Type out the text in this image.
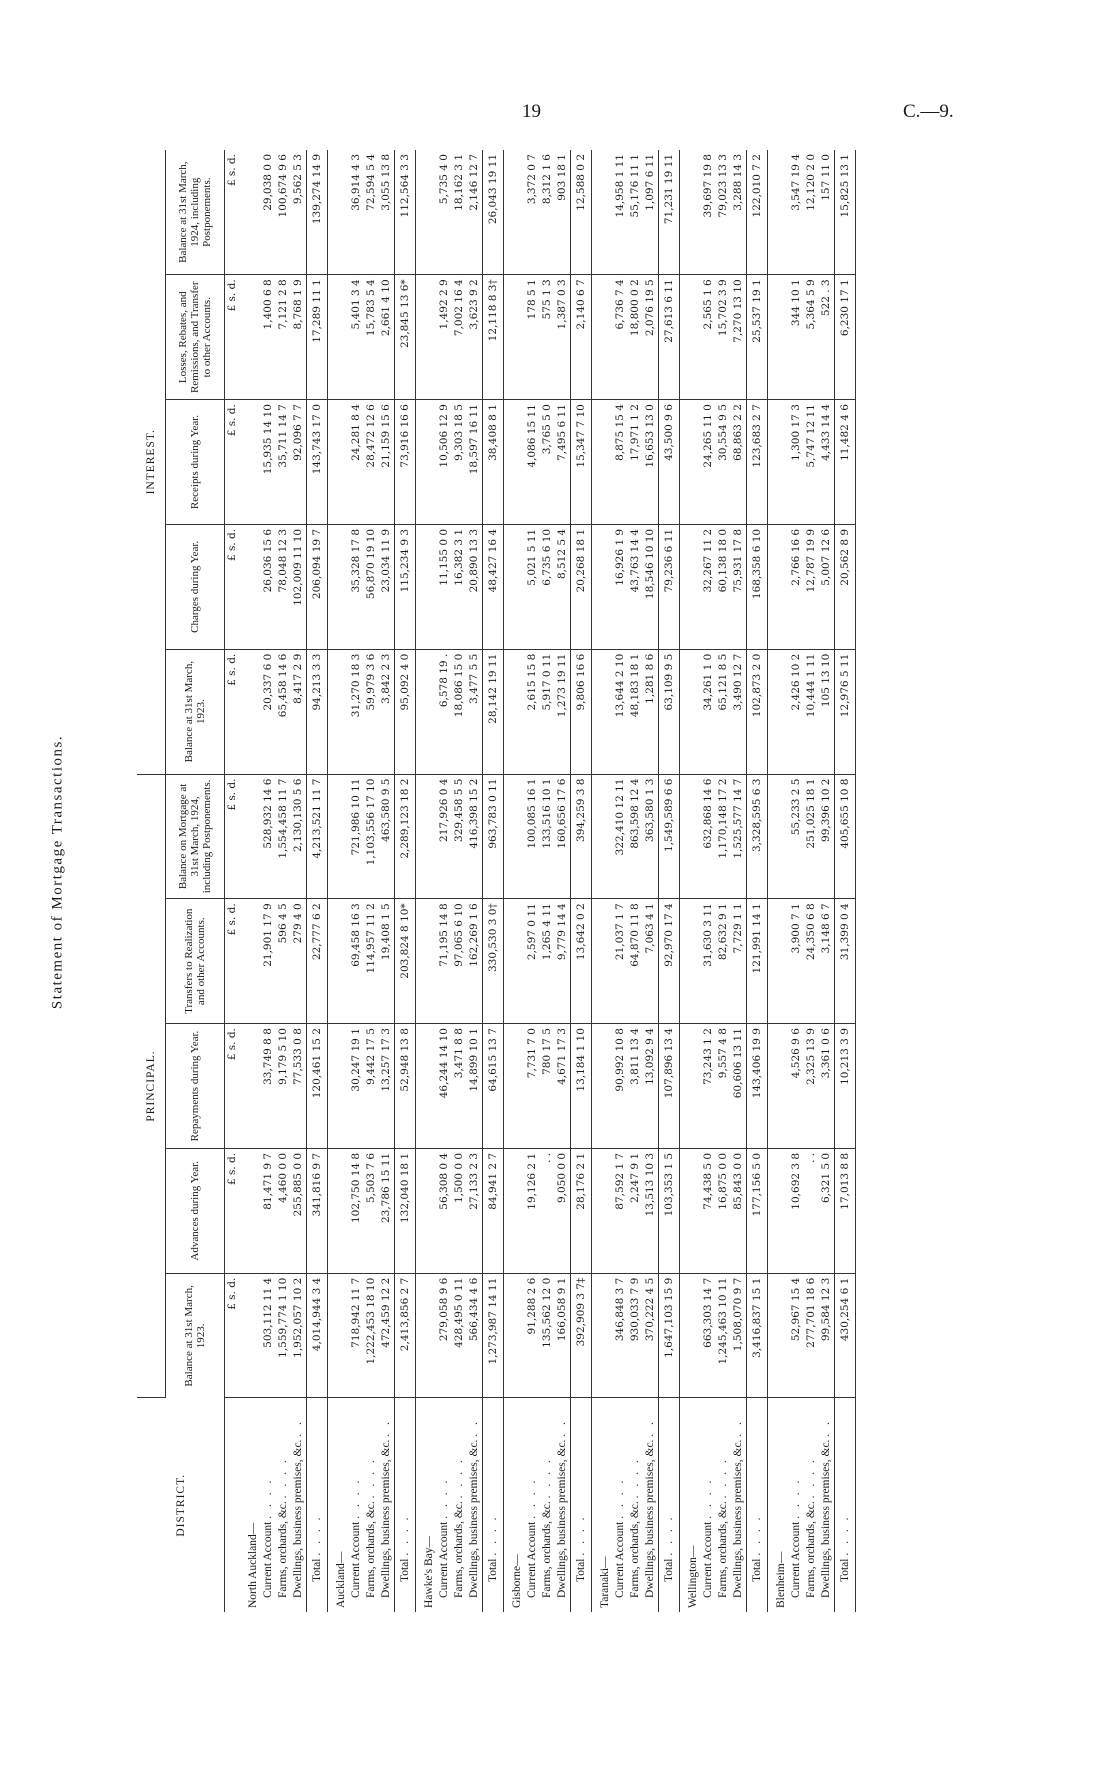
19	C.—9.
Statement of Mortgage Transactions.
DISTRICT.	PRINCIPAL.					INTEREST.				
	Balance at 31st March, 1923.	Advances during Year.	Repayments during Year.	Transfers to Realization and other Accounts.	Balance on Mortgage at 31st March, 1924, including Postponements.	Balance at 31st March, 1923.	Charges during Year.	Receipts during Year.	Losses, Rebates, and Remissions, and Transfer to other Accounts.	Balance at 31st March, 1924, including Postponements.
	£ s. d.	£ s. d.	£ s. d.	£ s. d.	£ s. d.	£ s. d.	£ s. d.	£ s. d.	£ s. d.	£ s. d.
North Auckland—										
Current Account . . . .	503,112 11 4	81,471 9 7	33,749 8 8	21,901 17 9	528,932 14 6	20,337 6 0	26,036 15 6	15,935 14 10	1,400 6 8	29,038 0 0
Farms, orchards, &c. . . . .	1,559,774 1 10	4,460 0 0	9,179 5 10	596 4 5	1,554,458 11 7	65,458 14 6	78,048 12 3	35,711 14 7	7,121 2 8	100,674 9 6
Dwellings, business premises, &c. . .	1,952,057 10 2	255,885 0 0	77,533 0 8	279 4 0	2,130,130 5 6	8,417 2 9	102,009 11 10	92,096 7 7	8,768 1 9	9,562 5 3
Total . . . .	4,014,944 3 4	341,816 9 7	120,461 15 2	22,777 6 2	4,213,521 11 7	94,213 3 3	206,094 19 7	143,743 17 0	17,289 11 1	139,274 14 9
Auckland—										
Current Account . . . .	718,942 11 7	102,750 14 8	30,247 19 1	69,458 16 3	721,986 10 11	31,270 18 3	35,328 17 8	24,281 8 4	5,401 3 4	36,914 4 3
Farms, orchards, &c. . . . .	1,222,453 18 10	5,503 7 6	9,442 17 5	114,957 11 2	1,103,556 17 10	59,979 3 6	56,870 19 10	28,472 12 6	15,783 5 4	72,594 5 4
Dwellings, business premises, &c. . .	472,459 12 2	23,786 15 11	13,257 17 3	19,408 1 5	463,580 9 5	3,842 2 3	23,034 11 9	21,159 15 6	2,661 4 10	3,055 13 8
Total . . . .	2,413,856 2 7	132,040 18 1	52,948 13 8	203,824 8 10*	2,289,123 18 2	95,092 4 0	115,234 9 3	73,916 16 6	23,845 13 6*	112,564 3 3
Hawke's Bay—										
Current Account . . . .	279,058 9 6	56,308 0 4	46,244 14 10	71,195 14 8	217,926 0 4	6,578 19 .	11,155 0 0	10,506 12 9	1,492 2 9	5,735 4 0
Farms, orchards, &c. . . . .	428,495 0 11	1,500 0 0	3,471 8 8	97,065 6 10	329,458 5 5	18,086 15 0	16,382 3 1	9,303 18 5	7,002 16 4	18,162 3 1
Dwellings, business premises, &c. . .	566,434 4 6	27,133 2 3	14,899 10 1	162,269 1 6	416,398 15 2	3,477 5 5	20,890 13 3	18,597 16 11	3,623 9 2	2,146 12 7
Total . . . .	1,273,987 14 11	84,941 2 7	64,615 13 7	330,530 3 0†	963,783 0 11	28,142 19 11	48,427 16 4	38,408 8 1	12,118 8 3†	26,043 19 11
Gisborne—										
Current Account . . . .	91,288 2 6	19,126 2 1	7,731 7 0	2,597 0 11	100,085 16 1	2,615 15 8	5,021 5 11	4,086 15 11	178 5 1	3,372 0 7
Farms, orchards, &c. . . . .	135,562 12 0	. .	780 17 5	1,265 4 11	133,516 10 1	5,917 0 11	6,735 6 10	3,765 5 0	575 1 3	8,312 1 6
Dwellings, business premises, &c. . .	166,058 9 1	9,050 0 0	4,671 17 3	9,779 14 4	160,656 17 6	1,273 19 11	8,512 5 4	7,495 6 11	1,387 0 3	903 18 1
Total . . . .	392,909 3 7‡	28,176 2 1	13,184 1 10	13,642 0 2	394,259 3 8	9,806 16 6	20,268 18 1	15,347 7 10	2,140 6 7	12,588 0 2
Taranaki—										
Current Account . . . .	346,848 3 7	87,592 1 7	90,992 10 8	21,037 1 7	322,410 12 11	13,644 2 10	16,926 1 9	8,875 15 4	6,736 7 4	14,958 1 11
Farms, orchards, &c. . . . .	930,033 7 9	2,247 9 1	3,811 13 4	64,870 11 8	863,598 12 4	48,183 18 1	43,763 14 4	17,971 1 2	18,800 0 2	55,176 11 1
Dwellings, business premises, &c. . .	370,222 4 5	13,513 10 3	13,092 9 4	7,063 4 1	363,580 1 3	1,281 8 6	18,546 10 10	16,653 13 0	2,076 19 5	1,097 6 11
Total . . . .	1,647,103 15 9	103,353 1 5	107,896 13 4	92,970 17 4	1,549,589 6 6	63,109 9 5	79,236 6 11	43,500 9 6	27,613 6 11	71,231 19 11
Wellington—										
Current Account . . . .	663,303 14 7	74,438 5 0	73,243 1 2	31,630 3 11	632,868 14 6	34,261 1 0	32,267 11 2	24,265 11 0	2,565 1 6	39,697 19 8
Farms, orchards, &c. . . . .	1,245,463 10 11	16,875 0 0	9,557 4 8	82,632 9 1	1,170,148 17 2	65,121 8 5	60,138 18 0	30,554 9 5	15,702 3 9	79,023 13 3
Dwellings, business premises, &c. . .	1,508,070 9 7	85,843 0 0	60,606 13 11	7,729 1 1	1,525,577 14 7	3,490 12 7	75,931 17 8	68,863 2 2	7,270 13 10	3,288 14 3
Total . . . .	3,416,837 15 1	177,156 5 0	143,406 19 9	121,991 14 1	3,328,595 6 3	102,873 2 0	168,358 6 10	123,683 2 7	25,537 19 1	122,010 7 2
Blenheim—										
Current Account . . . .	52,967 15 4	10,692 3 8	4,526 9 6	3,900 7 1	55,233 2 5	2,426 10 2	2,766 16 6	1,300 17 3	344 10 1	3,547 19 4
Farms, orchards, &c. . . . .	277,701 18 6	. .	2,325 13 9	24,350 6 8	251,025 18 1	10,444 1 11	12,787 19 9	5,747 12 11	5,364 5 9	12,120 2 0
Dwellings, business premises, &c. . .	99,584 12 3	6,321 5 0	3,361 0 6	3,148 6 7	99,396 10 2	105 13 10	5,007 12 6	4,433 14 4	522 . 3	157 11 0
Total . . . .	430,254 6 1	17,013 8 8	10,213 3 9	31,399 0 4	405,655 10 8	12,976 5 11	20,562 8 9	11,482 4 6	6,230 17 1	15,825 13 1
